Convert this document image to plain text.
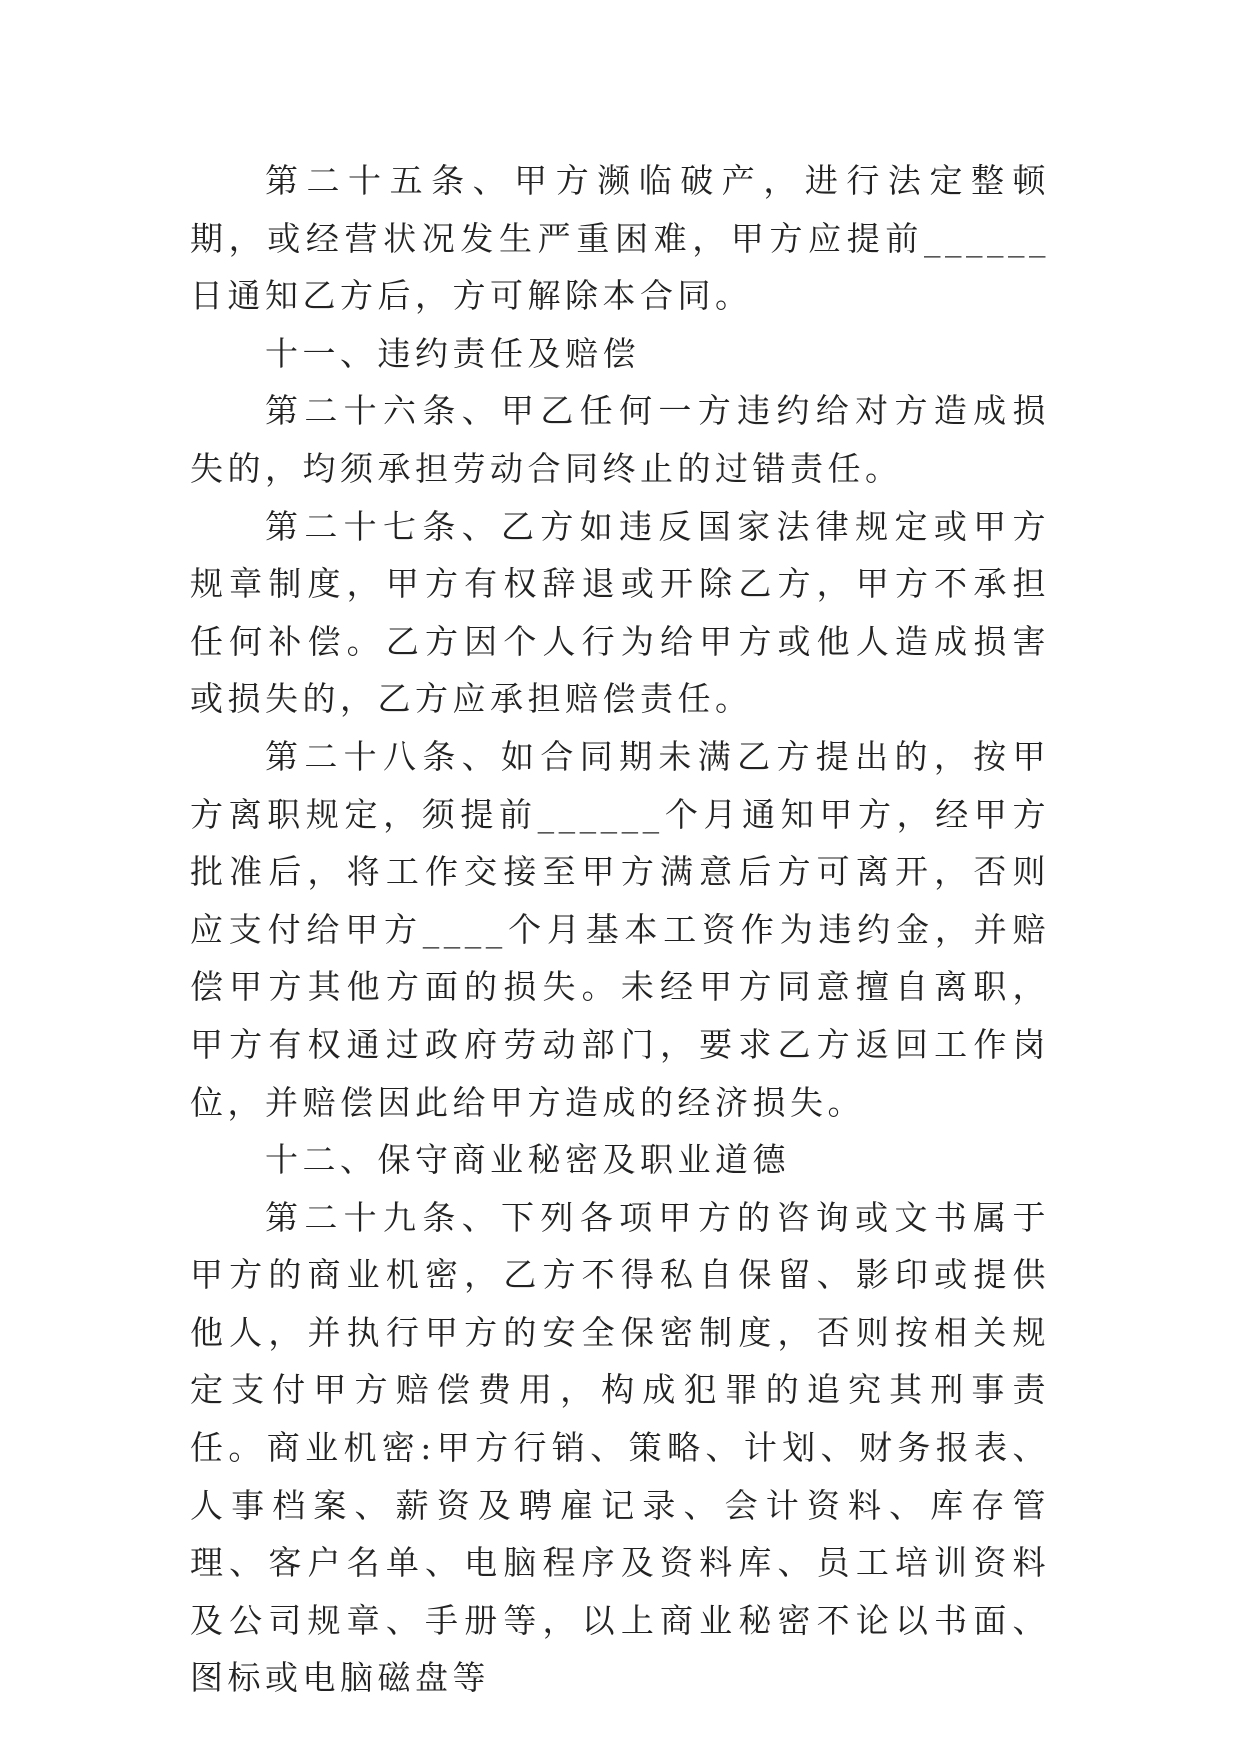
第二十五条、甲方濒临破产，进行法定整顿期，或经营状况发生严重困难，甲方应提前______日通知乙方后，方可解除本合同。

十一、违约责任及赔偿

第二十六条、甲乙任何一方违约给对方造成损失的，均须承担劳动合同终止的过错责任。

第二十七条、乙方如违反国家法律规定或甲方规章制度，甲方有权辞退或开除乙方，甲方不承担任何补偿。乙方因个人行为给甲方或他人造成损害或损失的，乙方应承担赔偿责任。

第二十八条、如合同期未满乙方提出的，按甲方离职规定，须提前______个月通知甲方，经甲方批准后，将工作交接至甲方满意后方可离开，否则应支付给甲方____个月基本工资作为违约金，并赔偿甲方其他方面的损失。未经甲方同意擅自离职，甲方有权通过政府劳动部门，要求乙方返回工作岗位，并赔偿因此给甲方造成的经济损失。

十二、保守商业秘密及职业道德

第二十九条、下列各项甲方的咨询或文书属于甲方的商业机密，乙方不得私自保留、影印或提供他人，并执行甲方的安全保密制度，否则按相关规定支付甲方赔偿费用，构成犯罪的追究其刑事责任。商业机密:甲方行销、策略、计划、财务报表、人事档案、薪资及聘雇记录、会计资料、库存管理、客户名单、电脑程序及资料库、员工培训资料及公司规章、手册等，以上商业秘密不论以书面、图标或电脑磁盘等
